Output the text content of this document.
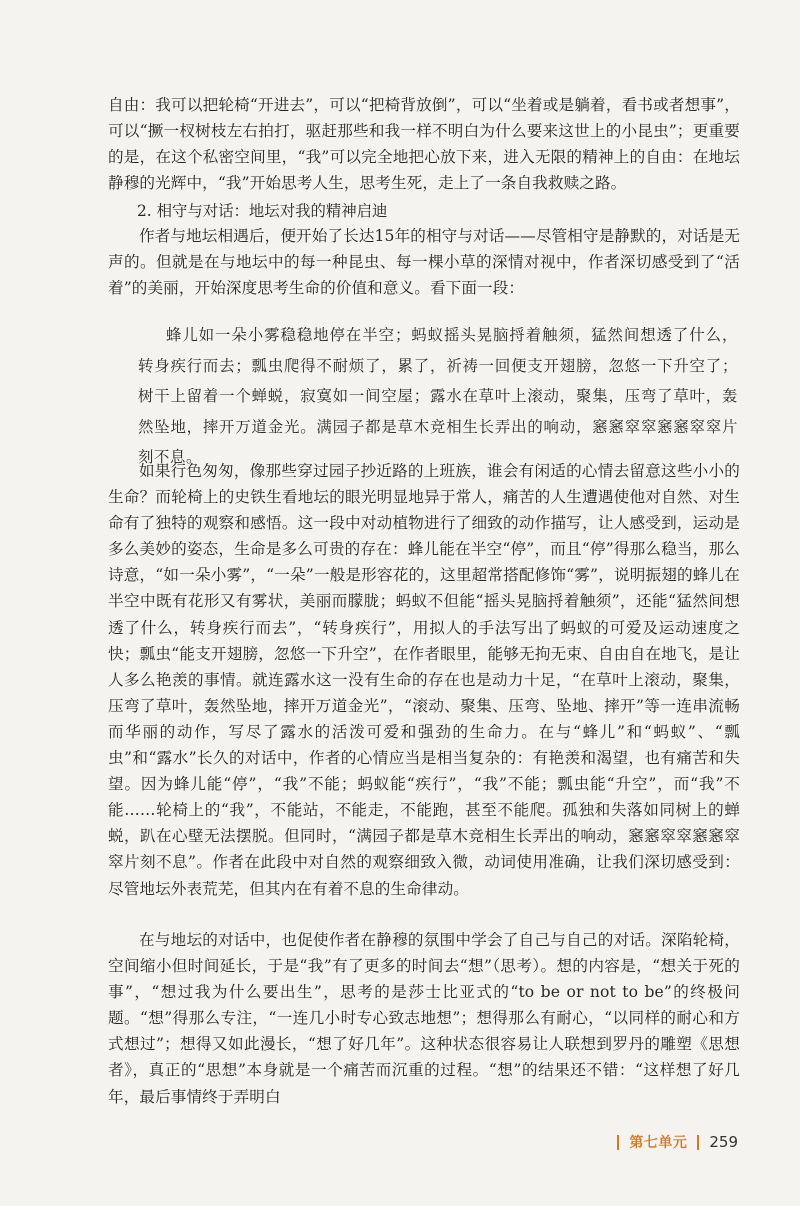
自由：我可以把轮椅“开进去”，可以“把椅背放倒”，可以“坐着或是躺着，看书或者想事”，可以“撅一杈树枝左右拍打，驱赶那些和我一样不明白为什么要来这世上的小昆虫”；更重要的是，在这个私密空间里，“我”可以完全地把心放下来，进入无限的精神上的自由：在地坛静穆的光辉中，“我”开始思考人生，思考生死，走上了一条自我救赎之路。

2. 相守与对话：地坛对我的精神启迪

作者与地坛相遇后，便开始了长达15年的相守与对话——尽管相守是静默的，对话是无声的。但就是在与地坛中的每一种昆虫、每一棵小草的深情对视中，作者深切感受到了“活着”的美丽，开始深度思考生命的价值和意义。看下面一段：

蜂儿如一朵小雾稳稳地停在半空；蚂蚁摇头晃脑捋着触须，猛然间想透了什么，转身疾行而去；瓢虫爬得不耐烦了，累了，祈祷一回便支开翅膀，忽悠一下升空了；树干上留着一个蝉蜕，寂寞如一间空屋；露水在草叶上滚动，聚集，压弯了草叶，轰然坠地，摔开万道金光。满园子都是草木竞相生长弄出的响动，窸窸窣窣窸窸窣窣片刻不息。

如果行色匆匆，像那些穿过园子抄近路的上班族，谁会有闲适的心情去留意这些小小的生命？而轮椅上的史铁生看地坛的眼光明显地异于常人，痛苦的人生遭遇使他对自然、对生命有了独特的观察和感悟。这一段中对动植物进行了细致的动作描写，让人感受到，运动是多么美妙的姿态，生命是多么可贵的存在：蜂儿能在半空“停”，而且“停”得那么稳当，那么诗意，“如一朵小雾”，“一朵”一般是形容花的，这里超常搭配修饰“雾”，说明振翅的蜂儿在半空中既有花形又有雾状，美丽而朦胧；蚂蚁不但能“摇头晃脑捋着触须”，还能“猛然间想透了什么，转身疾行而去”，“转身疾行”，用拟人的手法写出了蚂蚁的可爱及运动速度之快；瓢虫“能支开翅膀，忽悠一下升空”，在作者眼里，能够无拘无束、自由自在地飞，是让人多么艳羡的事情。就连露水这一没有生命的存在也是动力十足，“在草叶上滚动，聚集，压弯了草叶，轰然坠地，摔开万道金光”，“滚动、聚集、压弯、坠地、摔开”等一连串流畅而华丽的动作，写尽了露水的活泼可爱和强劲的生命力。在与“蜂儿”和“蚂蚁”、“瓢虫”和“露水”长久的对话中，作者的心情应当是相当复杂的：有艳羡和渴望，也有痛苦和失望。因为蜂儿能“停”，“我”不能；蚂蚁能“疾行”，“我”不能；瓢虫能“升空”，而“我”不能……轮椅上的“我”，不能站，不能走，不能跑，甚至不能爬。孤独和失落如同树上的蝉蜕，趴在心壁无法摆脱。但同时，“满园子都是草木竞相生长弄出的响动，窸窸窣窣窸窸窣窣片刻不息”。作者在此段中对自然的观察细致入微，动词使用准确，让我们深切感受到：尽管地坛外表荒芜，但其内在有着不息的生命律动。

在与地坛的对话中，也促使作者在静穆的氛围中学会了自己与自己的对话。深陷轮椅，空间缩小但时间延长，于是“我”有了更多的时间去“想”（思考）。想的内容是，“想关于死的事”，“想过我为什么要出生”，思考的是莎士比亚式的“to be or not to be”的终极问题。“想”得那么专注，“一连几小时专心致志地想”；想得那么有耐心，“以同样的耐心和方式想过”；想得又如此漫长，“想了好几年”。这种状态很容易让人联想到罗丹的雕塑《思想者》，真正的“思想”本身就是一个痛苦而沉重的过程。“想”的结果还不错：“这样想了好几年，最后事情终于弄明白

第七单元 259
